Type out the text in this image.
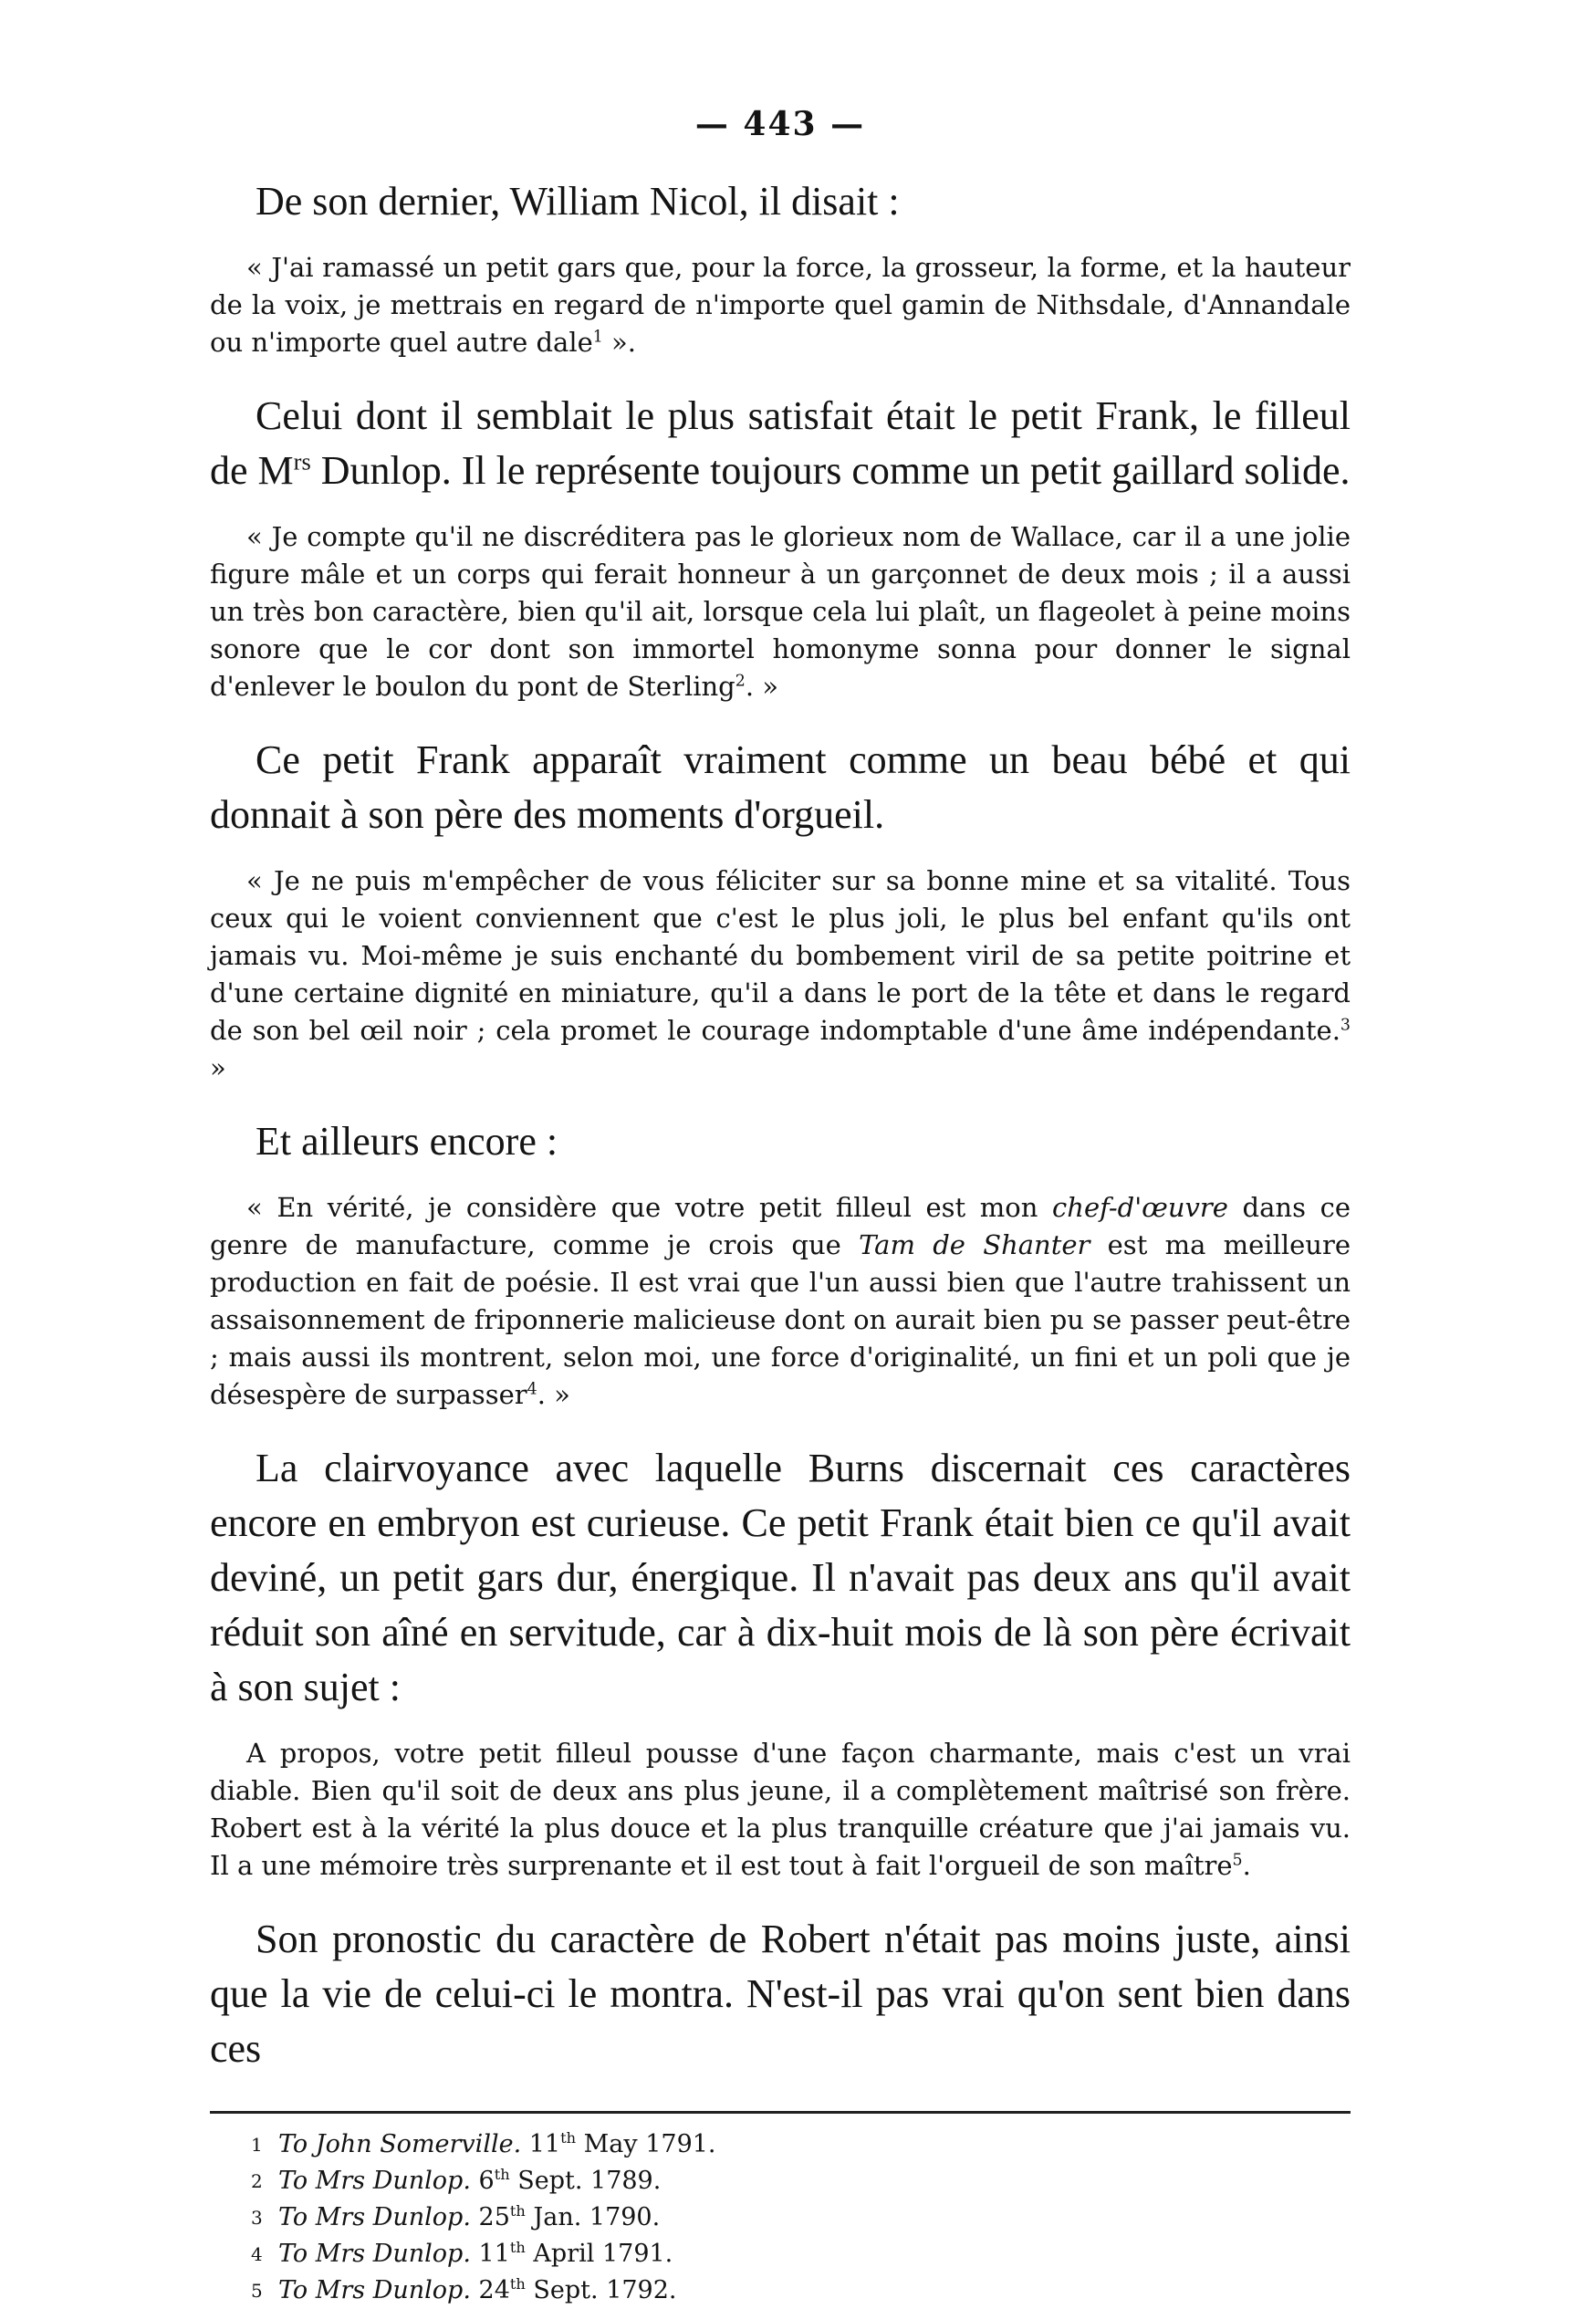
— 443 —

De son dernier, William Nicol, il disait :

« J'ai ramassé un petit gars que, pour la force, la grosseur, la forme, et la hauteur de la voix, je mettrais en regard de n'importe quel gamin de Nithsdale, d'Annandale ou n'importe quel autre dale$^1$ ».

Celui dont il semblait le plus satisfait était le petit Frank, le filleul de $M^{rs}$ Dunlop. Il le représente toujours comme un petit gaillard solide.

« Je compte qu'il ne discréditera pas le glorieux nom de Wallace, car il a une jolie figure mâle et un corps qui ferait honneur à un garçonnet de deux mois ; il a aussi un très bon caractère, bien qu'il ait, lorsque cela lui plaît, un flageolet à peine moins sonore que le cor dont son immortel homonyme sonna pour donner le signal d'enlever le boulon du pont de Sterling$^2$. »

Ce petit Frank apparaît vraiment comme un beau bébé et qui donnait à son père des moments d'orgueil.

« Je ne puis m'empêcher de vous féliciter sur sa bonne mine et sa vitalité. Tous ceux qui le voient conviennent que c'est le plus joli, le plus bel enfant qu'ils ont jamais vu. Moi-même je suis enchanté du bombement viril de sa petite poitrine et d'une certaine dignité en miniature, qu'il a dans le port de la tête et dans le regard de son bel œil noir ; cela promet le courage indomptable d'une âme indépendante.$^3$ »

Et ailleurs encore :

« En vérité, je considère que votre petit filleul est mon chef-d'œuvre dans ce genre de manufacture, comme je crois que Tam de Shanter est ma meilleure production en fait de poésie. Il est vrai que l'un aussi bien que l'autre trahissent un assaisonnement de friponnerie malicieuse dont on aurait bien pu se passer peut-être ; mais aussi ils montrent, selon moi, une force d'originalité, un fini et un poli que je désespère de surpasser$^4$. »

La clairvoyance avec laquelle Burns discernait ces caractères encore en embryon est curieuse. Ce petit Frank était bien ce qu'il avait deviné, un petit gars dur, énergique. Il n'avait pas deux ans qu'il avait réduit son aîné en servitude, car à dix-huit mois de là son père écrivait à son sujet :

A propos, votre petit filleul pousse d'une façon charmante, mais c'est un vrai diable. Bien qu'il soit de deux ans plus jeune, il a complètement maîtrisé son frère. Robert est à la vérité la plus douce et la plus tranquille créature que j'ai jamais vu. Il a une mémoire très surprenante et il est tout à fait l'orgueil de son maître$^5$.

Son pronostic du caractère de Robert n'était pas moins juste, ainsi que la vie de celui-ci le montra. N'est-il pas vrai qu'on sent bien dans ces

1 To John Somerville. 11th May 1791.
2 To Mrs Dunlop. 6th Sept. 1789.
3 To Mrs Dunlop. 25th Jan. 1790.
4 To Mrs Dunlop. 11th April 1791.
5 To Mrs Dunlop. 24th Sept. 1792.
